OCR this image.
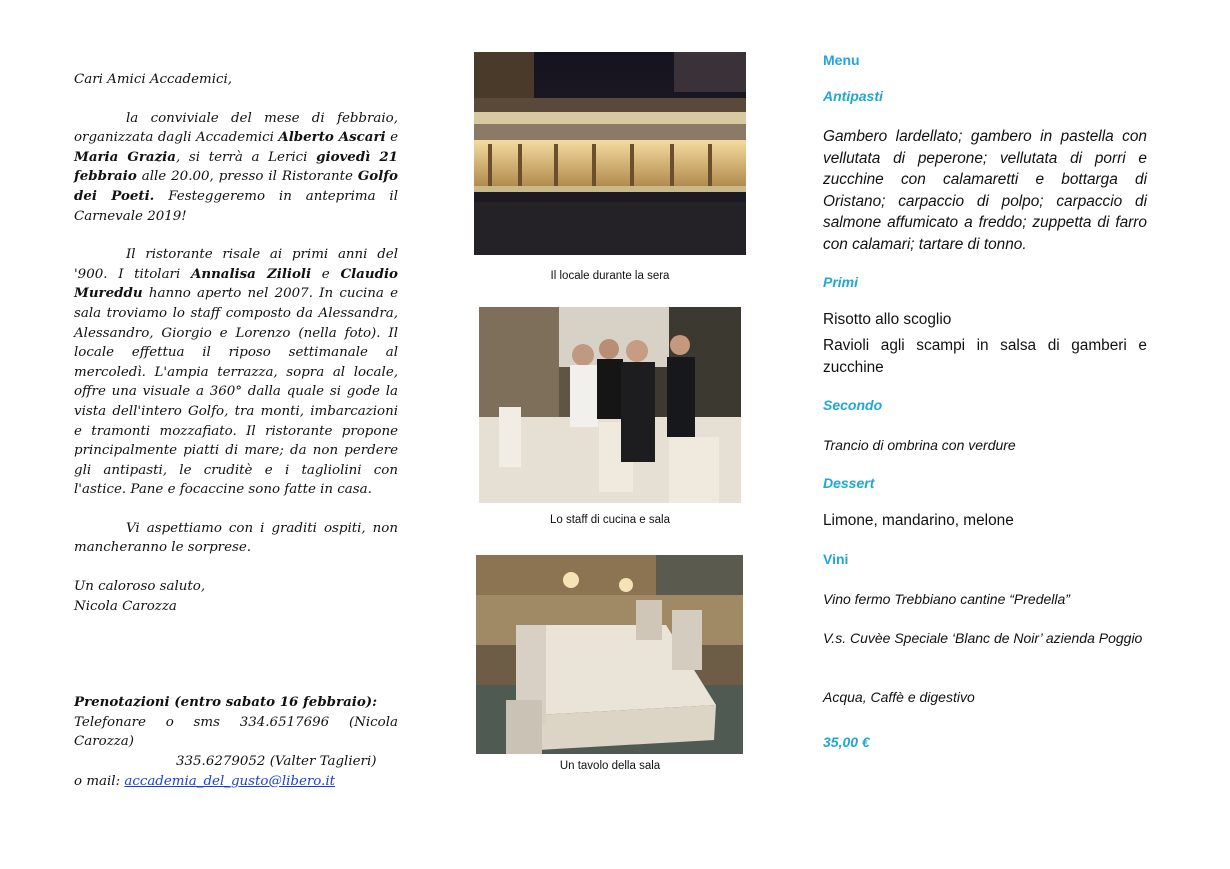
Cari Amici Accademici,

la conviviale del mese di febbraio, organizzata dagli Accademici Alberto Ascari e Maria Grazia, si terrà a Lerici giovedì 21 febbraio alle 20.00, presso il Ristorante Golfo dei Poeti. Festeggeremo in anteprima il Carnevale 2019!

Il ristorante risale ai primi anni del '900. I titolari Annalisa Zilioli e Claudio Mureddu hanno aperto nel 2007. In cucina e sala troviamo lo staff composto da Alessandra, Alessandro, Giorgio e Lorenzo (nella foto). Il locale effettua il riposo settimanale al mercoledì. L'ampia terrazza, sopra al locale, offre una visuale a 360° dalla quale si gode la vista dell'intero Golfo, tra monti, imbarcazioni e tramonti mozzafiato. Il ristorante propone principalmente piatti di mare; da non perdere gli antipasti, le cruditè e i tagliolini con l'astice. Pane e focaccine sono fatte in casa.

Vi aspettiamo con i graditi ospiti, non mancheranno le sorprese.

Un caloroso saluto,

Nicola Carozza

Prenotazioni (entro sabato 16 febbraio):

Telefonare o sms 334.6517696 (Nicola Carozza)

335.6279052 (Valter Taglieri)

o mail: accademia_del_gusto@libero.it

Il locale durante la sera
Lo staff di cucina e sala
Un tavolo della sala
Menu
Antipasti
Gambero lardellato; gambero in pastella con vellutata di peperone; vellutata di porri e zucchine con calamaretti e bottarga di Oristano; carpaccio di polpo; carpaccio di salmone affumicato a freddo; zuppetta di farro con calamari; tartare di tonno.
Primi
Risotto allo scoglio
Ravioli agli scampi in salsa di gamberi e zucchine
Secondo
Trancio di ombrina con verdure
Dessert
Limone, mandarino, melone
Vini
Vino fermo Trebbiano cantine “Predella”
V.s. Cuvèe Speciale ‘Blanc de Noir’ azienda Poggio
Acqua, Caffè e digestivo
35,00 €
